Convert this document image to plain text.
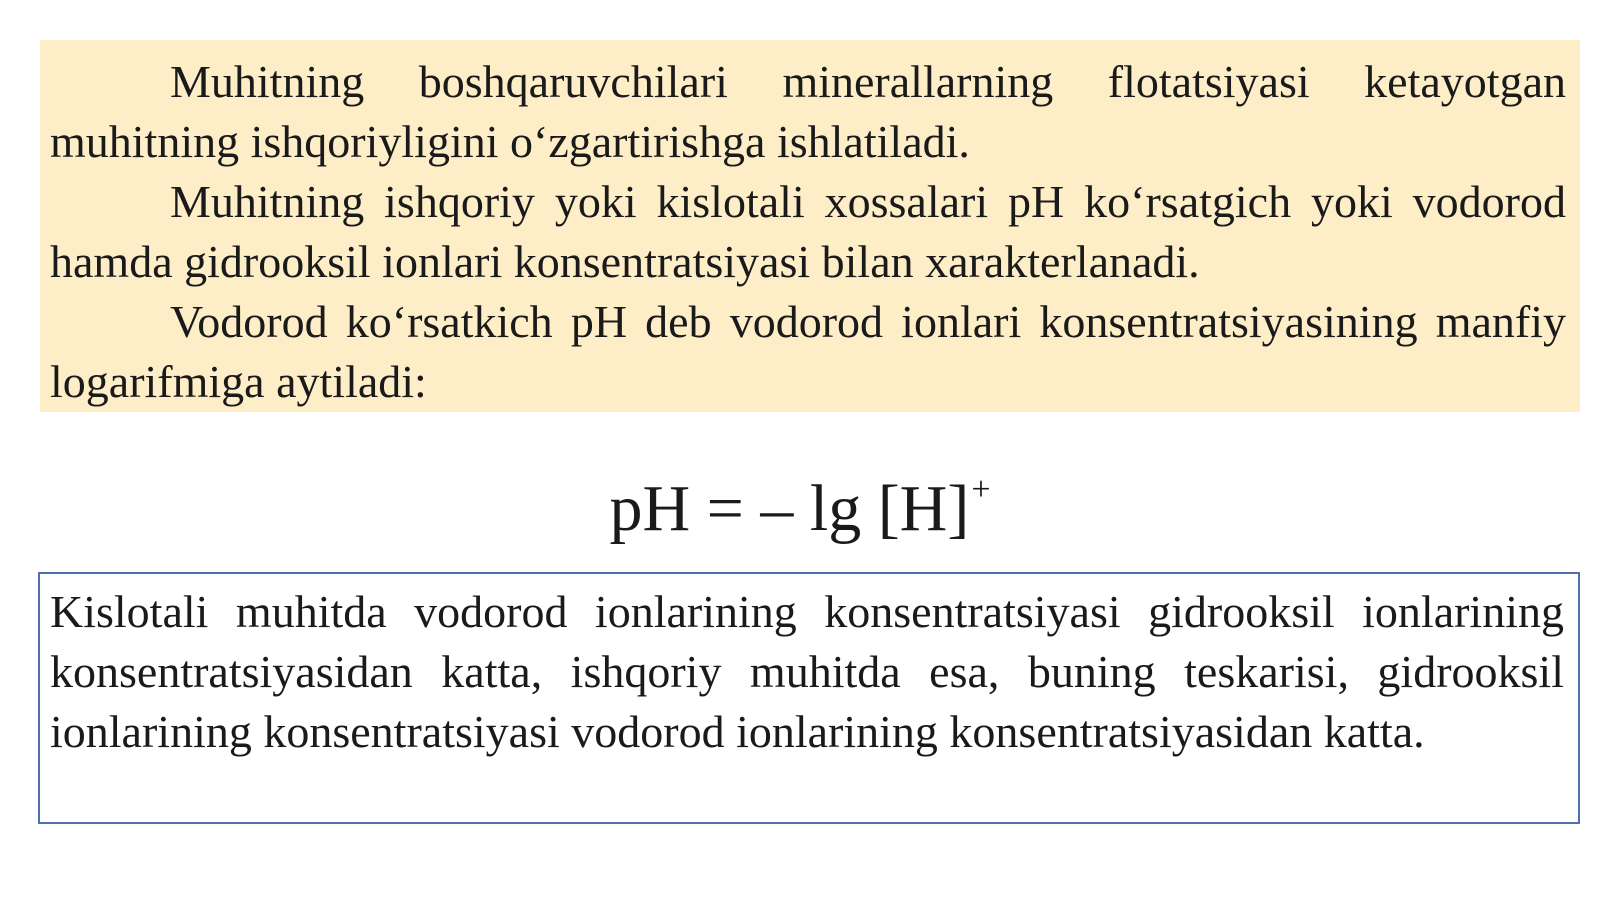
Muhitning boshqaruvchilari minerallarning flotatsiyasi ketayotgan muhitning ishqoriyligini o‘zgartirishga ishlatiladi.

Muhitning ishqoriy yoki kislotali xossalari pH ko‘rsatgich yoki vodorod hamda gidrooksil ionlari konsentratsiyasi bilan xarakterlanadi.

Vodorod ko‘rsatkich pH deb vodorod ionlari konsentratsiyasining manfiy logarifmiga aytiladi:

pH = – lg [H]+

Kislotali muhitda vodorod ionlarining konsentratsiyasi gidrooksil ionlarining konsentratsiyasidan katta, ishqoriy muhitda esa, buning teskarisi, gidrooksil ionlarining konsentratsiyasi vodorod ionlarining konsentratsiyasidan katta.
